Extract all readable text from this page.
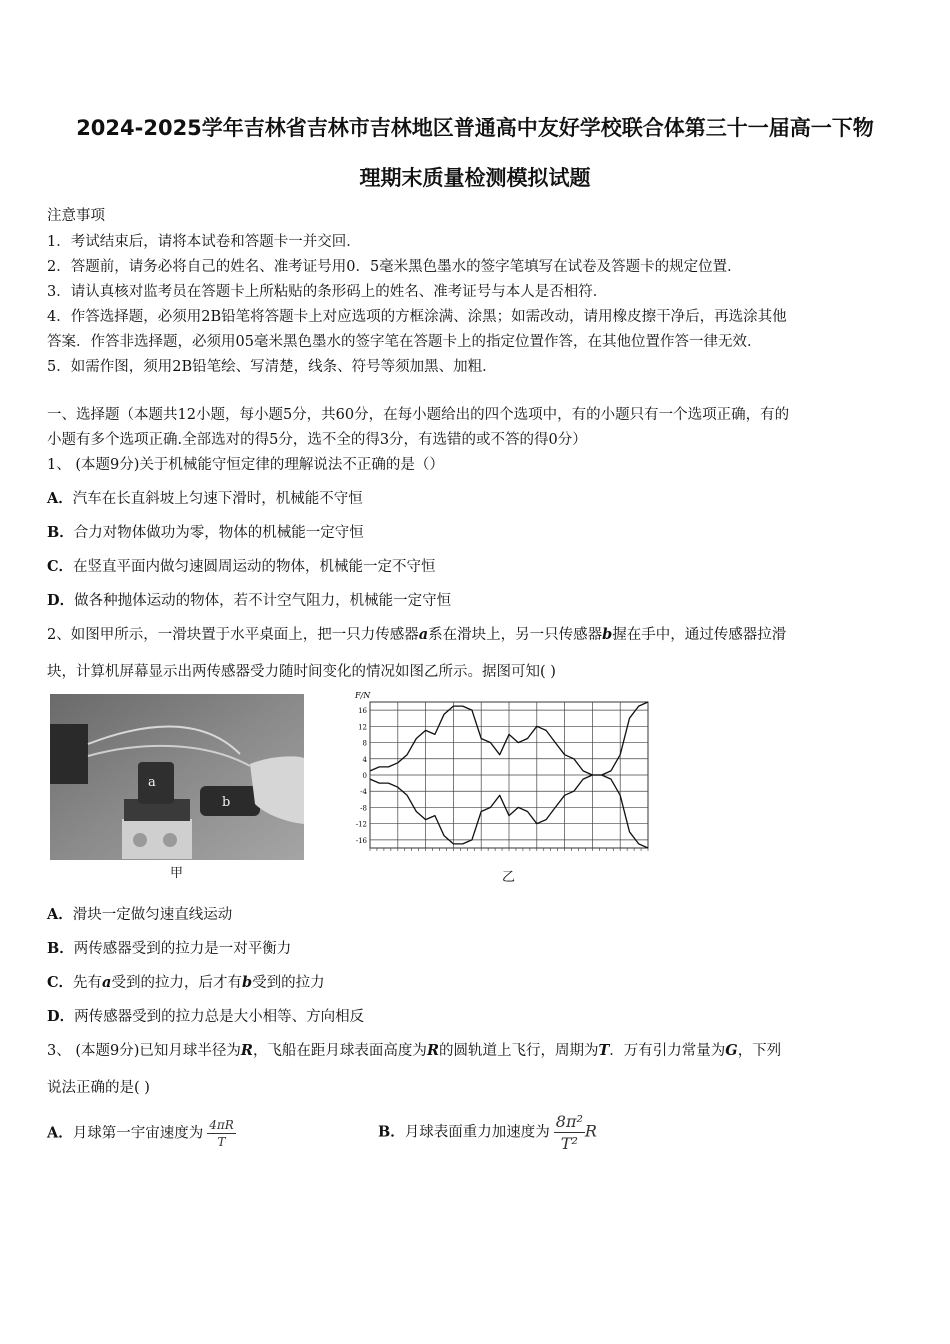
2024-2025学年吉林省吉林市吉林地区普通高中友好学校联合体第三十一届高一下物
理期末质量检测模拟试题
注意事项
1．考试结束后，请将本试卷和答题卡一并交回．
2．答题前，请务必将自己的姓名、准考证号用0．5毫米黑色墨水的签字笔填写在试卷及答题卡的规定位置．
3．请认真核对监考员在答题卡上所粘贴的条形码上的姓名、准考证号与本人是否相符．
4．作答选择题，必须用2B铅笔将答题卡上对应选项的方框涂满、涂黑；如需改动，请用橡皮擦干净后，再选涂其他
答案．作答非选择题，必须用05毫米黑色墨水的签字笔在答题卡上的指定位置作答，在其他位置作答一律无效．
5．如需作图，须用2B铅笔绘、写清楚，线条、符号等须加黑、加粗．
一、选择题（本题共12小题，每小题5分，共60分，在每小题给出的四个选项中，有的小题只有一个选项正确，有的
小题有多个选项正确.全部选对的得5分，选不全的得3分，有选错的或不答的得0分）
1、 (本题9分)关于机械能守恒定律的理解说法不正确的是（）
A．汽车在长直斜坡上匀速下滑时，机械能不守恒
B．合力对物体做功为零，物体的机械能一定守恒
C．在竖直平面内做匀速圆周运动的物体，机械能一定不守恒
D．做各种抛体运动的物体，若不计空气阻力，机械能一定守恒
2、如图甲所示，一滑块置于水平桌面上，把一只力传感器a系在滑块上，另一只传感器b握在手中，通过传感器拉滑
块，计算机屏幕显示出两传感器受力随时间变化的情况如图乙所示。据图可知( )
a
b
甲
F/N
16
12
8
4
0
-4
-8
-12
-16
乙
A．滑块一定做匀速直线运动
B．两传感器受到的拉力是一对平衡力
C．先有a受到的拉力，后才有b受到的拉力
D．两传感器受到的拉力总是大小相等、方向相反
3、 (本题9分)已知月球半径为R，飞船在距月球表面高度为R的圆轨道上飞行，周期为T．万有引力常量为G，下列
说法正确的是( )
A．月球第一宇宙速度为 $\frac{4\pi R}{T}$	B．月球表面重力加速度为 $\frac{\text{8π²}}{\text{T²}}$ R
